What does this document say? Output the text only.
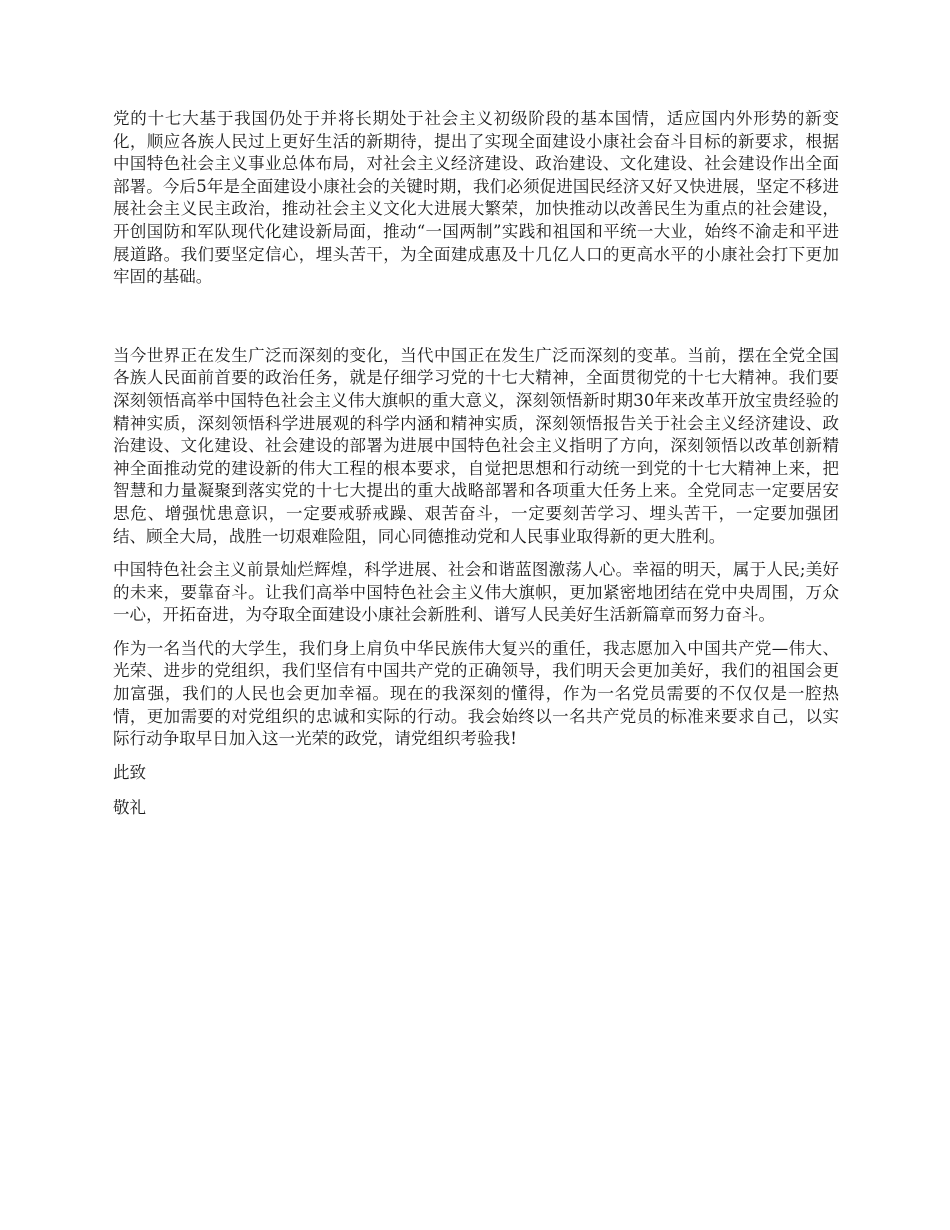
党的十七大基于我国仍处于并将长期处于社会主义初级阶段的基本国情，适应国内外形势的新变化，顺应各族人民过上更好生活的新期待，提出了实现全面建设小康社会奋斗目标的新要求，根据中国特色社会主义事业总体布局，对社会主义经济建设、政治建设、文化建设、社会建设作出全面部署。今后5年是全面建设小康社会的关键时期，我们必须促进国民经济又好又快进展，坚定不移进展社会主义民主政治，推动社会主义文化大进展大繁荣，加快推动以改善民生为重点的社会建设，开创国防和军队现代化建设新局面，推动“一国两制”实践和祖国和平统一大业，始终不渝走和平进展道路。我们要坚定信心，埋头苦干，为全面建成惠及十几亿人口的更高水平的小康社会打下更加牢固的基础。

当今世界正在发生广泛而深刻的变化，当代中国正在发生广泛而深刻的变革。当前，摆在全党全国各族人民面前首要的政治任务，就是仔细学习党的十七大精神，全面贯彻党的十七大精神。我们要深刻领悟高举中国特色社会主义伟大旗帜的重大意义，深刻领悟新时期30年来改革开放宝贵经验的精神实质，深刻领悟科学进展观的科学内涵和精神实质，深刻领悟报告关于社会主义经济建设、政治建设、文化建设、社会建设的部署为进展中国特色社会主义指明了方向，深刻领悟以改革创新精神全面推动党的建设新的伟大工程的根本要求，自觉把思想和行动统一到党的十七大精神上来，把智慧和力量凝聚到落实党的十七大提出的重大战略部署和各项重大任务上来。全党同志一定要居安思危、增强忧患意识，一定要戒骄戒躁、艰苦奋斗，一定要刻苦学习、埋头苦干，一定要加强团结、顾全大局，战胜一切艰难险阻，同心同德推动党和人民事业取得新的更大胜利。

中国特色社会主义前景灿烂辉煌，科学进展、社会和谐蓝图激荡人心。幸福的明天，属于人民;美好的未来，要靠奋斗。让我们高举中国特色社会主义伟大旗帜，更加紧密地团结在党中央周围，万众一心，开拓奋进，为夺取全面建设小康社会新胜利、谱写人民美好生活新篇章而努力奋斗。

作为一名当代的大学生，我们身上肩负中华民族伟大复兴的重任，我志愿加入中国共产党—伟大、光荣、进步的党组织，我们坚信有中国共产党的正确领导，我们明天会更加美好，我们的祖国会更加富强，我们的人民也会更加幸福。现在的我深刻的懂得，作为一名党员需要的不仅仅是一腔热情，更加需要的对党组织的忠诚和实际的行动。我会始终以一名共产党员的标准来要求自己，以实际行动争取早日加入这一光荣的政党，请党组织考验我!

此致

敬礼
